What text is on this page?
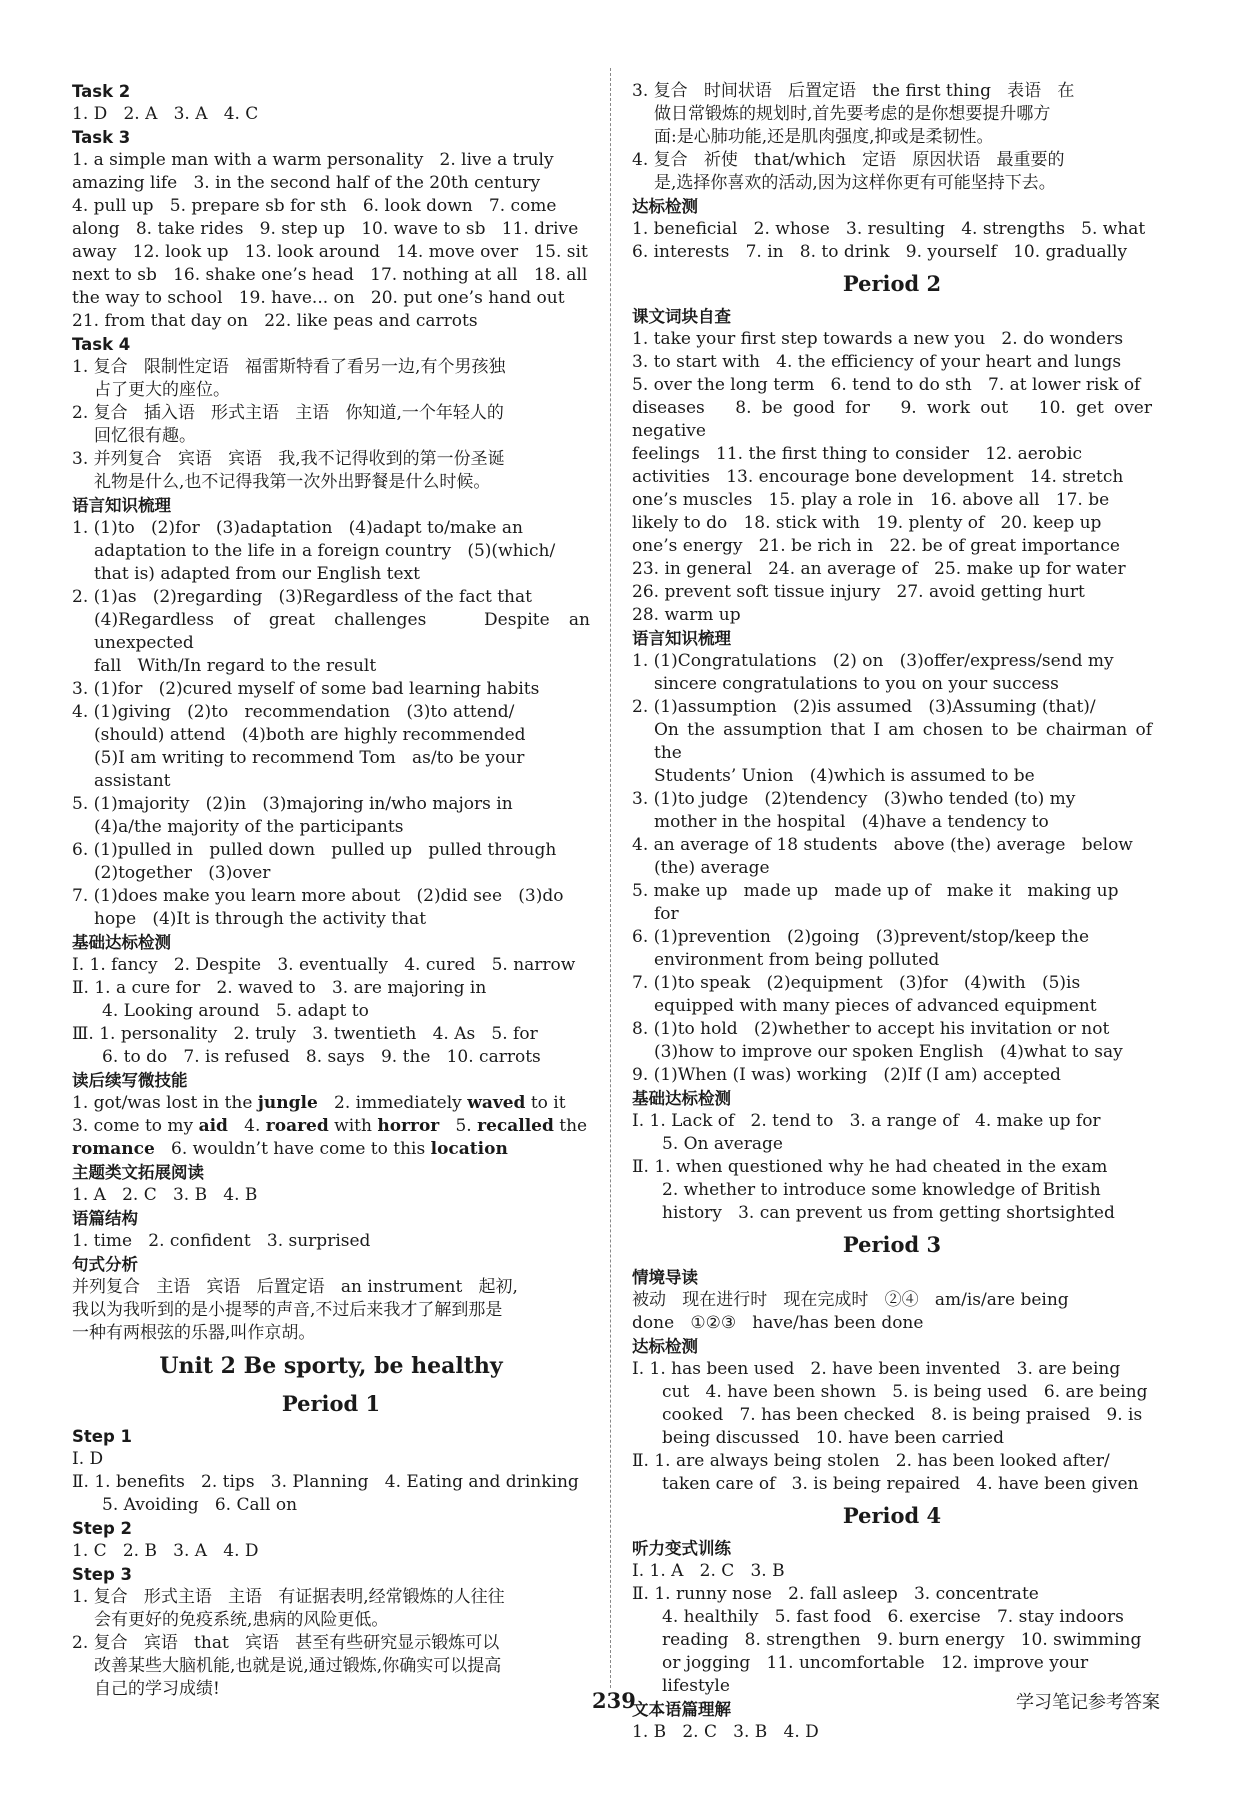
Task 2

1. D   2. A   3. A   4. C

Task 3

1. a simple man with a warm personality   2. live a truly

amazing life   3. in the second half of the 20th century

4. pull up   5. prepare sb for sth   6. look down   7. come

along   8. take rides   9. step up   10. wave to sb   11. drive

away   12. look up   13. look around   14. move over   15. sit

next to sb   16. shake one’s head   17. nothing at all   18. all

the way to school   19. have... on   20. put one’s hand out

21. from that day on   22. like peas and carrots

Task 4

1. 复合   限制性定语   福雷斯特看了看另一边,有个男孩独

占了更大的座位。

2. 复合   插入语   形式主语   主语   你知道,一个年轻人的

回忆很有趣。

3. 并列复合   宾语   宾语   我,我不记得收到的第一份圣诞

礼物是什么,也不记得我第一次外出野餐是什么时候。

语言知识梳理

1. (1)to   (2)for   (3)adaptation   (4)adapt to/make an

adaptation to the life in a foreign country   (5)(which/

that is) adapted from our English text

2. (1)as   (2)regarding   (3)Regardless of the fact that

(4)Regardless of great challenges   Despite an unexpected

fall   With/In regard to the result

3. (1)for   (2)cured myself of some bad learning habits

4. (1)giving   (2)to   recommendation   (3)to attend/

(should) attend   (4)both are highly recommended

(5)I am writing to recommend Tom   as/to be your

assistant

5. (1)majority   (2)in   (3)majoring in/who majors in

(4)a/the majority of the participants

6. (1)pulled in   pulled down   pulled up   pulled through

(2)together   (3)over

7. (1)does make you learn more about   (2)did see   (3)do

hope   (4)It is through the activity that

基础达标检测

Ⅰ. 1. fancy   2. Despite   3. eventually   4. cured   5. narrow

Ⅱ. 1. a cure for   2. waved to   3. are majoring in

4. Looking around   5. adapt to

Ⅲ. 1. personality   2. truly   3. twentieth   4. As   5. for

6. to do   7. is refused   8. says   9. the   10. carrots

读后续写微技能

1. got/was lost in the jungle   2. immediately waved to it

3. come to my aid   4. roared with horror   5. recalled the

romance   6. wouldn’t have come to this location

主题类文拓展阅读

1. A   2. C   3. B   4. B

语篇结构

1. time   2. confident   3. surprised

句式分析

并列复合   主语   宾语   后置定语   an instrument   起初,

我以为我听到的是小提琴的声音,不过后来我才了解到那是

一种有两根弦的乐器,叫作京胡。

Unit 2 Be sporty, be healthy

Period 1

Step 1

Ⅰ. D

Ⅱ. 1. benefits   2. tips   3. Planning   4. Eating and drinking

5. Avoiding   6. Call on

Step 2

1. C   2. B   3. A   4. D

Step 3

1. 复合   形式主语   主语   有证据表明,经常锻炼的人往往

会有更好的免疫系统,患病的风险更低。

2. 复合   宾语   that   宾语   甚至有些研究显示锻炼可以

改善某些大脑机能,也就是说,通过锻炼,你确实可以提高

自己的学习成绩!

3. 复合   时间状语   后置定语   the first thing   表语   在

做日常锻炼的规划时,首先要考虑的是你想要提升哪方

面:是心肺功能,还是肌肉强度,抑或是柔韧性。

4. 复合   祈使   that/which   定语   原因状语   最重要的

是,选择你喜欢的活动,因为这样你更有可能坚持下去。

达标检测

1. beneficial   2. whose   3. resulting   4. strengths   5. what

6. interests   7. in   8. to drink   9. yourself   10. gradually

Period 2

课文词块自查

1. take your first step towards a new you   2. do wonders

3. to start with   4. the efficiency of your heart and lungs

5. over the long term   6. tend to do sth   7. at lower risk of

diseases   8. be good for   9. work out   10. get over negative

feelings   11. the first thing to consider   12. aerobic

activities   13. encourage bone development   14. stretch

one’s muscles   15. play a role in   16. above all   17. be

likely to do   18. stick with   19. plenty of   20. keep up

one’s energy   21. be rich in   22. be of great importance

23. in general   24. an average of   25. make up for water

26. prevent soft tissue injury   27. avoid getting hurt

28. warm up

语言知识梳理

1. (1)Congratulations   (2) on   (3)offer/express/send my

sincere congratulations to you on your success

2. (1)assumption   (2)is assumed   (3)Assuming (that)/

On the assumption that I am chosen to be chairman of the

Students’ Union   (4)which is assumed to be

3. (1)to judge   (2)tendency   (3)who tended (to) my

mother in the hospital   (4)have a tendency to

4. an average of 18 students   above (the) average   below

(the) average

5. make up   made up   made up of   make it   making up

for

6. (1)prevention   (2)going   (3)prevent/stop/keep the

environment from being polluted

7. (1)to speak   (2)equipment   (3)for   (4)with   (5)is

equipped with many pieces of advanced equipment

8. (1)to hold   (2)whether to accept his invitation or not

(3)how to improve our spoken English   (4)what to say

9. (1)When (I was) working   (2)If (I am) accepted

基础达标检测

Ⅰ. 1. Lack of   2. tend to   3. a range of   4. make up for

5. On average

Ⅱ. 1. when questioned why he had cheated in the exam

2. whether to introduce some knowledge of British

history   3. can prevent us from getting shortsighted

Period 3

情境导读

被动   现在进行时   现在完成时   ②④   am/is/are being

done   ①②③   have/has been done

达标检测

Ⅰ. 1. has been used   2. have been invented   3. are being

cut   4. have been shown   5. is being used   6. are being

cooked   7. has been checked   8. is being praised   9. is

being discussed   10. have been carried

Ⅱ. 1. are always being stolen   2. has been looked after/

taken care of   3. is being repaired   4. have been given

Period 4

听力变式训练

Ⅰ. 1. A   2. C   3. B

Ⅱ. 1. runny nose   2. fall asleep   3. concentrate

4. healthily   5. fast food   6. exercise   7. stay indoors

reading   8. strengthen   9. burn energy   10. swimming

or jogging   11. uncomfortable   12. improve your

lifestyle

文本语篇理解

1. B   2. C   3. B   4. D

239	学习笔记参考答案
